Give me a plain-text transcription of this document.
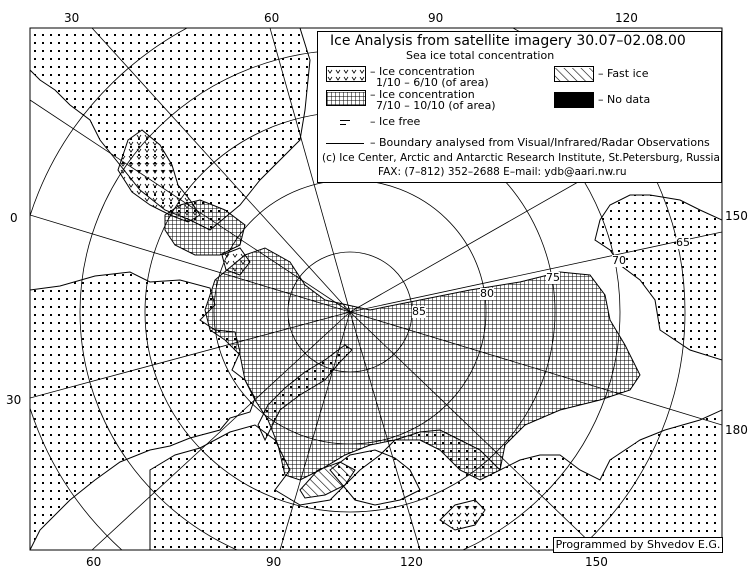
30	60	90	120
0
30
150
180
60	90	120	150
85
80
75
70
65
Ice Analysis from satellite imagery 30.07–02.08.00
Sea ice total concentration
– Ice concentration
1/10 – 6/10 (of area)
– Ice concentration
7/10 – 10/10 (of area)
– Fast ice
– No data
– Ice free
– Boundary analysed from Visual/Infrared/Radar Observations
(c) Ice Center, Arctic and Antarctic Research Institute, St.Petersburg, Russia
FAX: (7–812) 352–2688 E–mail: ydb@aari.nw.ru
Programmed by Shvedov E.G.
